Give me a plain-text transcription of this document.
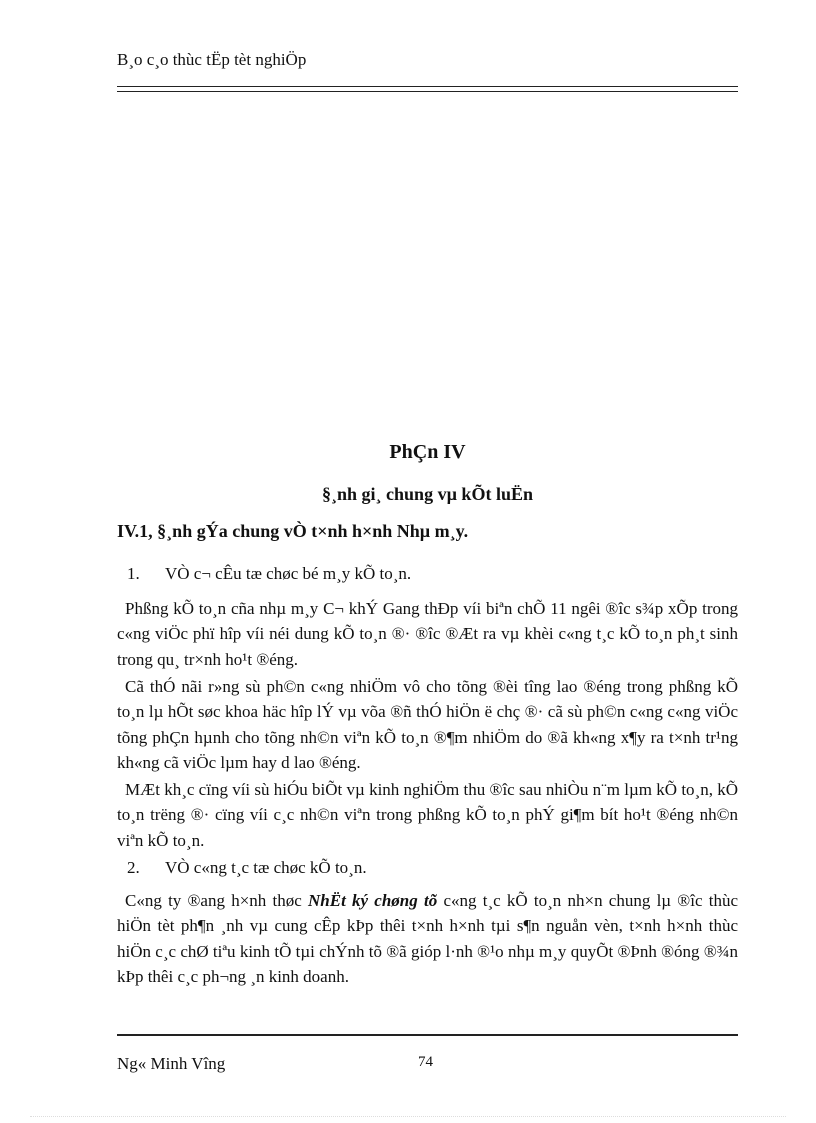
B¸o c¸o thùc tËp tèt nghiÖp
PhÇn IV
§¸nh gi¸ chung vµ kÕt luËn
IV.1, §¸nh gÝa chung vÒ t×nh h×nh Nhµ m¸y.
1. VÒ c¬ cÊu tæ chøc bé m¸y kÕ to¸n.
Phßng kÕ to¸n cña nhµ m¸y C¬ khÝ Gang thÐp víi biªn chÕ 11 ngêi ®îc s¾p xÕp trong c«ng viÖc phï hîp víi néi dung kÕ to¸n ®· ®îc ®Æt ra vµ khèi c«ng t¸c kÕ to¸n ph¸t sinh trong qu¸ tr×nh ho¹t ®éng.
Cã thÓ nãi r»ng sù ph©n c«ng nhiÖm vô cho tõng ®èi tîng lao ®éng trong phßng kÕ to¸n lµ hÕt søc khoa häc hîp lÝ vµ võa ®ñ thÓ hiÖn ë chç ®· cã sù ph©n c«ng c«ng viÖc tõng phÇn hµnh cho tõng nh©n viªn kÕ to¸n ®¶m nhiÖm do ®ã kh«ng x¶y ra t×nh tr¹ng kh«ng cã viÖc lµm hay d lao ®éng.
MÆt kh¸c cïng víi sù hiÓu biÕt vµ kinh nghiÖm thu ®îc sau nhiÒu n¨m lµm kÕ to¸n, kÕ to¸n trëng ®· cïng víi c¸c nh©n viªn trong phßng kÕ to¸n phÝ gi¶m bít ho¹t ®éng nh©n viªn kÕ to¸n.
2. VÒ c«ng t¸c tæ chøc kÕ to¸n.
C«ng ty ®ang h×nh thøc NhËt ký chøng tõ c«ng t¸c kÕ to¸n nh×n chung lµ ®îc thùc hiÖn tèt ph¶n ¸nh vµ cung cÊp kÞp thêi t×nh h×nh tµi s¶n nguån vèn, t×nh h×nh thùc hiÖn c¸c chØ tiªu kinh tÕ tµi chÝnh tõ ®ã gióp l·nh ®¹o nhµ m¸y quyÕt ®Þnh ®óng ®¾n kÞp thêi c¸c ph¬ng ¸n kinh doanh.
Ng« Minh Vîng	74
